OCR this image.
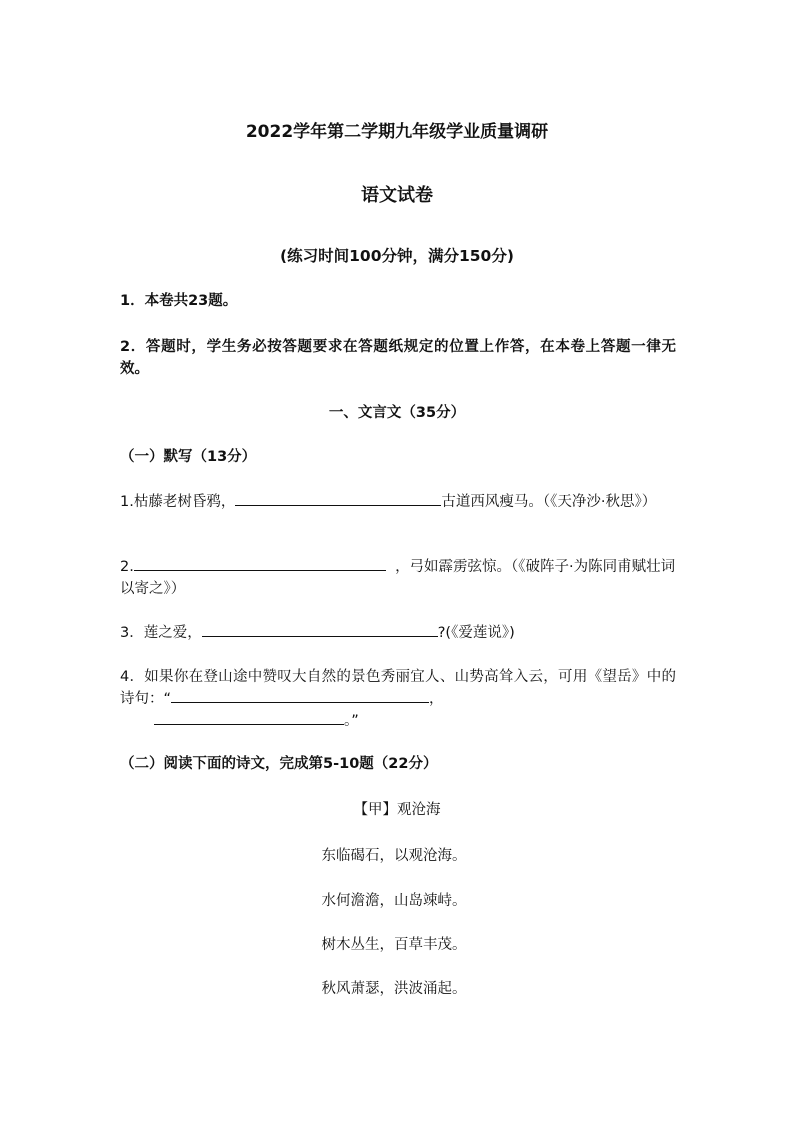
2022学年第二学期九年级学业质量调研
语文试卷
(练习时间100分钟，满分150分)
1．本卷共23题。
2．答题时，学生务必按答题要求在答题纸规定的位置上作答，在本卷上答题一律无效。
一、文言文（35分）
（一）默写（13分）
1.枯藤老树昏鸦，	古道西风瘦马。（《天净沙·秋思》）
2.	，弓如霹雳弦惊。（《破阵子·为陈同甫赋壮词以寄之》）
3．莲之爱，	?(《爱莲说》)
4．如果你在登山途中赞叹大自然的景色秀丽宜人、山势高耸入云，可用《望岳》中的诗句：“	，
。”
（二）阅读下面的诗文，完成第5-10题（22分）
【甲】观沧海
东临碣石，以观沧海。
水何澹澹，山岛竦峙。
树木丛生，百草丰茂。
秋风萧瑟，洪波涌起。
